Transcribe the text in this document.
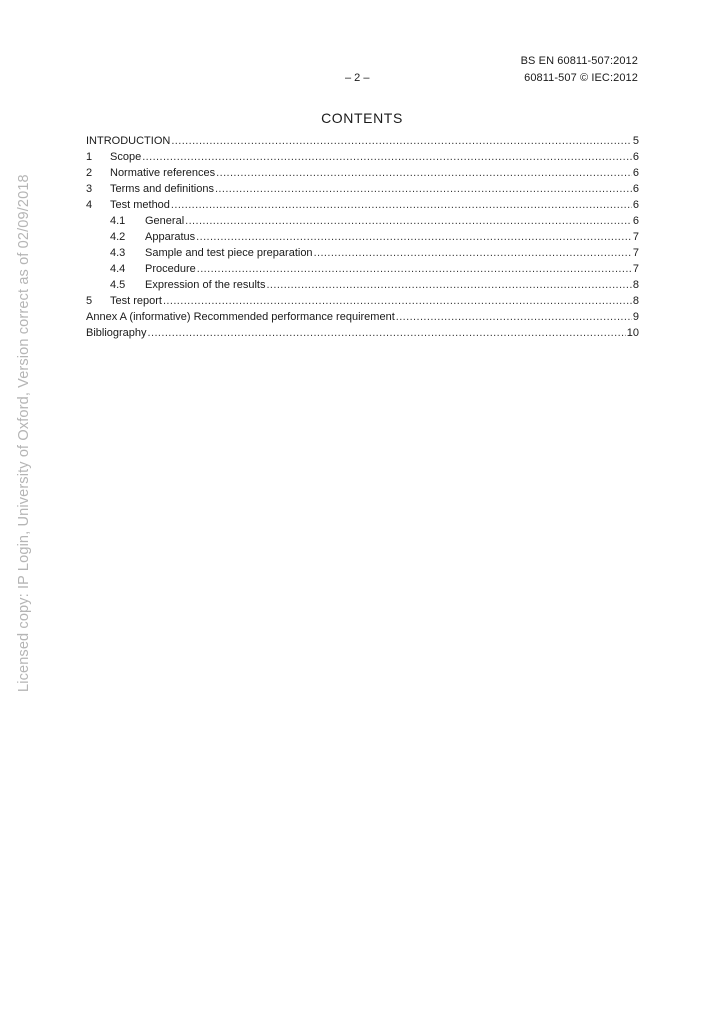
BS EN 60811-507:2012
– 2 –	60811-507 © IEC:2012
CONTENTS
INTRODUCTION .....	5
1	Scope .....	6
2	Normative references .....	6
3	Terms and definitions .....	6
4	Test method .....	6
4.1	General .....	6
4.2	Apparatus .....	7
4.3	Sample and test piece preparation .....	7
4.4	Procedure .....	7
4.5	Expression of the results .....	8
5	Test report .....	8
Annex A (informative) Recommended performance requirement .....	9
Bibliography .....	10
Licensed copy: IP Login, University of Oxford, Version correct as of 02/09/2018
